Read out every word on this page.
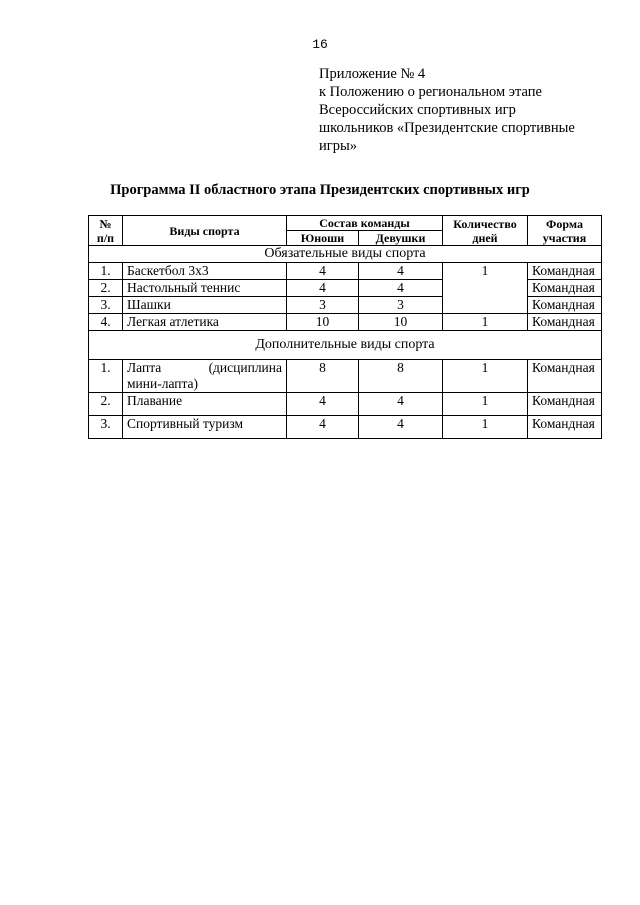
16
Приложение № 4
к Положению о региональном этапе
Всероссийских спортивных игр
школьников «Президентские спортивные
игры»
Программа II областного этапа Президентских спортивных игр
№ п/п	Виды спорта	Состав команды		Количество дней	Форма участия
		Юноши	Девушки		
Обязательные виды спорта					
1.	Баскетбол 3х3	4	4	1	Командная
2.	Настольный теннис	4	4		Командная
3.	Шашки	3	3		Командная
4.	Легкая атлетика	10	10	1	Командная
Дополнительные виды спорта					
1.	Лапта (дисциплина
мини-лапта)	8	8	1	Командная
2.	Плавание	4	4	1	Командная
3.	Спортивный туризм	4	4	1	Командная
